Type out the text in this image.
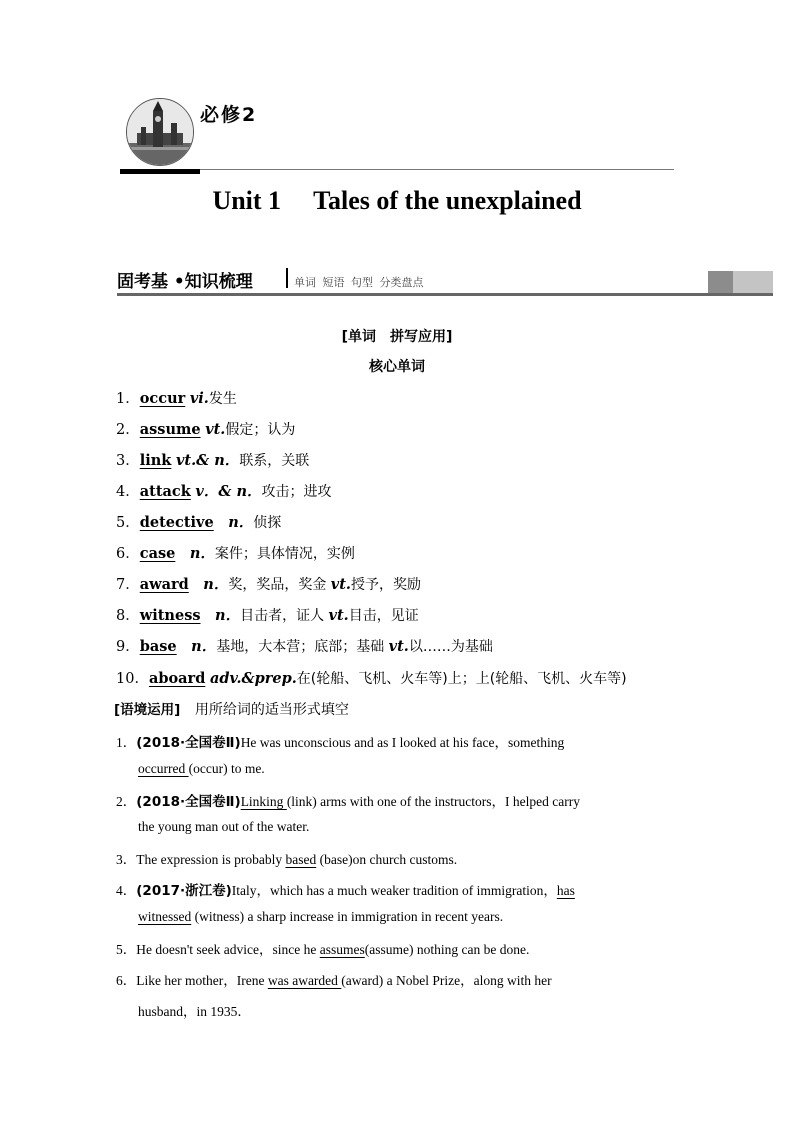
必修2
Unit 1 Tales of the unexplained
固考基 •知识梳理	单词 短语 句型 分类盘点
[单词　拼写应用]
核心单词
1．occur vi.发生
2．assume vt.假定；认为
3．link vt.& n．联系，关联
4．attack v．& n．攻击；进攻
5．detective　 n．侦探
6．case　 n．案件；具体情况，实例
7．award　 n．奖，奖品，奖金 vt.授予，奖励
8．witness　 n．目击者，证人 vt.目击，见证
9．base　 n．基地，大本营；底部；基础 vt.以……为基础
10．aboard adv.&prep.在(轮船、飞机、火车等)上；上(轮船、飞机、火车等)
[语境运用]　 用所给词的适当形式填空
1．(2018·全国卷Ⅱ)He was unconscious and as I looked at his face，something
occurred (occur) to me.
2．(2018·全国卷Ⅱ)Linking (link) arms with one of the instructors，I helped carry
the young man out of the water.
3．The expression is probably based (base)on church customs.
4．(2017·浙江卷)Italy，which has a much weaker tradition of immigration，has
witnessed (witness) a sharp increase in immigration in recent years.
5．He doesn't seek advice，since he assumes(assume) nothing can be done.
6．Like her mother，Irene was awarded (award) a Nobel Prize，along with her
husband，in 1935．
